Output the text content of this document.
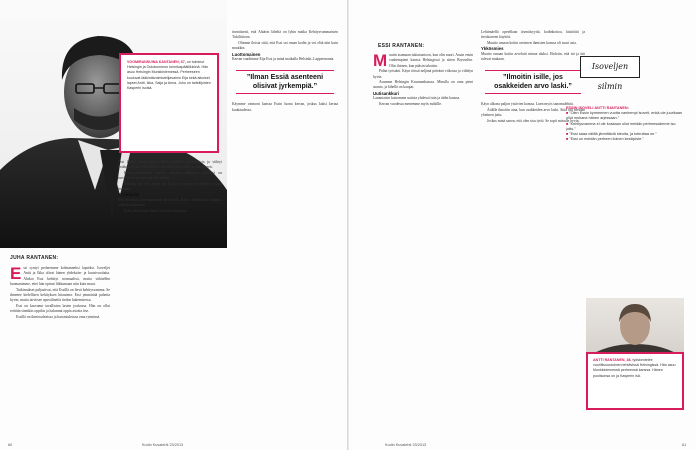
VOOMIRANSUINA KANTANEN, 67, on toiminut Helsingin ja Outokummun toimituspäällikkönä. Hän asuu Helsingin Munkkiniemessä. Perheeseen kuuluvat lääkintävoimistelijavaimo Eija sekä aikuiset lapset Antti, Ikka, Saija ja Anna. Juho on taiteilijoiden Kasperin isoisä.
JUHA RANTANEN:
E ssi syntyi perheemme kolmanneksi lapseksi. Isoveljet Antti ja Ikka olivat hänen yhdeksän- ja kuusivuotiaita. Alukot Essi kehittyi normaalisti, mutta vähitellen huomasimme, ettei hän opinut liikkumaan niin kuin muut.

Tutkimukset paljastivat, että Essillä on lievä kehitysvamma. Se ilmenee kielellisen kehityksen hitautena. Essi ymmärtää puhetta hyvin, mutta tarvitsee apuvälineitä tiedon hakemisessa.

Essi on kasvanut tavallisten lasten joukossa. Hän on ollut erittäin sinnikäs oppilas ja halunnut oppia asioita itse.

Essillä on ihmissuhteissa ja harrastuksissa oma rytminsä.

Essi lopetti peruskoulun, alkoi opiskella kädentaitoja ja viihtyi koulussa hyvin. Hänellä on aina ollut vahva halu itsenäisyyteen.

Kehitysvammaisen nuoren aikuisen elämässä tärkeintä on turvallisuus ja mielekäs tekeminen.

Tärkeää on, että nuori saa kokea olevansa hyväksytty omana itsenään.

Kiellokyljä

Essi oli nuori, kun muutimme Brysseliin. Hän ei kuitenkaan halunnut jättää kotimaataan.

Essin yksityinen elämä on hänen omaansa.

itsenäisesti, että Ähtärin läheltä on lyhin matka Kehitysvammaisten Tukiliittoon.

Olimme iloisia siitä, että Essi sai oman kodin ja voi elää niin kuin muutkin.

Luottomainen

Kerran vaadimme Eija Essi ja minä matkalla Helsinki–Lappeenranta.

”Ilman Essiä asenteeni olisivat jyrkempiä.”

Käymme vaimoni kanssa Essin luona kerran, joskus kaksi kertaa kuukaudessa.

60	Kodin Kuvalehti 23/2013
ESSI RANTANEN:
M uutin asumaan tukiasuntoon, kun olin nuori. Asuin ensin vanhempieni kanssa Helsingissä ja sitten Brysseliin. Olin iloinen, kun pääsin takaisin.

Pidän työstäni. Käyn töissä neljänä päivänä viikossa ja viihdyn hyvin.

Asumme Helsingin Kruununhaassa. Minulla on oma pieni asunto, ja lähellä on kaupat.

Uutisankkuri

Lauantaisin katsomme uutisia yhdessä isän ja äidin kanssa.

Kerran vuodessa menemme myös mökille.

Lehtimäellä opetellaan itsenäisyyttä, kodinhoitoa, käsitöitä ja tietokoneen käyttöä.

Muutto omaan kotiin avoimen ihmisten kanssa oli suuri asia.

Ykkösmies

Muutto omaan kotiin arvelutti minua aluksi. Ehdotin, että isä ja äiti tulevat mukaan.

”Ilmoitin isille, jos osakkeiden arvo laski.”

Käyn ulkona paljon ystävien kanssa. Luen myös sanomalehtiä.

Äidille ilmoitin aina, kun osakkeiden arvo laski. Siitä tuli meidän yhteinen juttu.

Joskus minä sanon, että olen sisu tyttö. Se sopii minulle hyvin.

Kodin Kuvalehti 23/2013	61
Isoveljen silmin
ESSIN ISOVELI ANTTI RANTANEN:
■ ”Olen Essin kymmenen vuotta vanhempi isoveli, enkä ole juurikaan ollut mukana hänen arjessaan.”
■ ”Kehitysvamma ei ole koskaan ollut meidän perheessämme iso juttu.”
■ ”Essi saaa välillä jännittäviä ideoita, ja toteuttaa ne.”
■ ”Essi on meidän perheen iloinen keskipiste.”
ANTTI RANTANEN, 38, työskentelee vuorillisuustoimen tehtävissä Helsingissä. Hän asuu Munkkiniemessä perheensä kanssa. Hänen puolisonsa on ja Kasperin isä.
